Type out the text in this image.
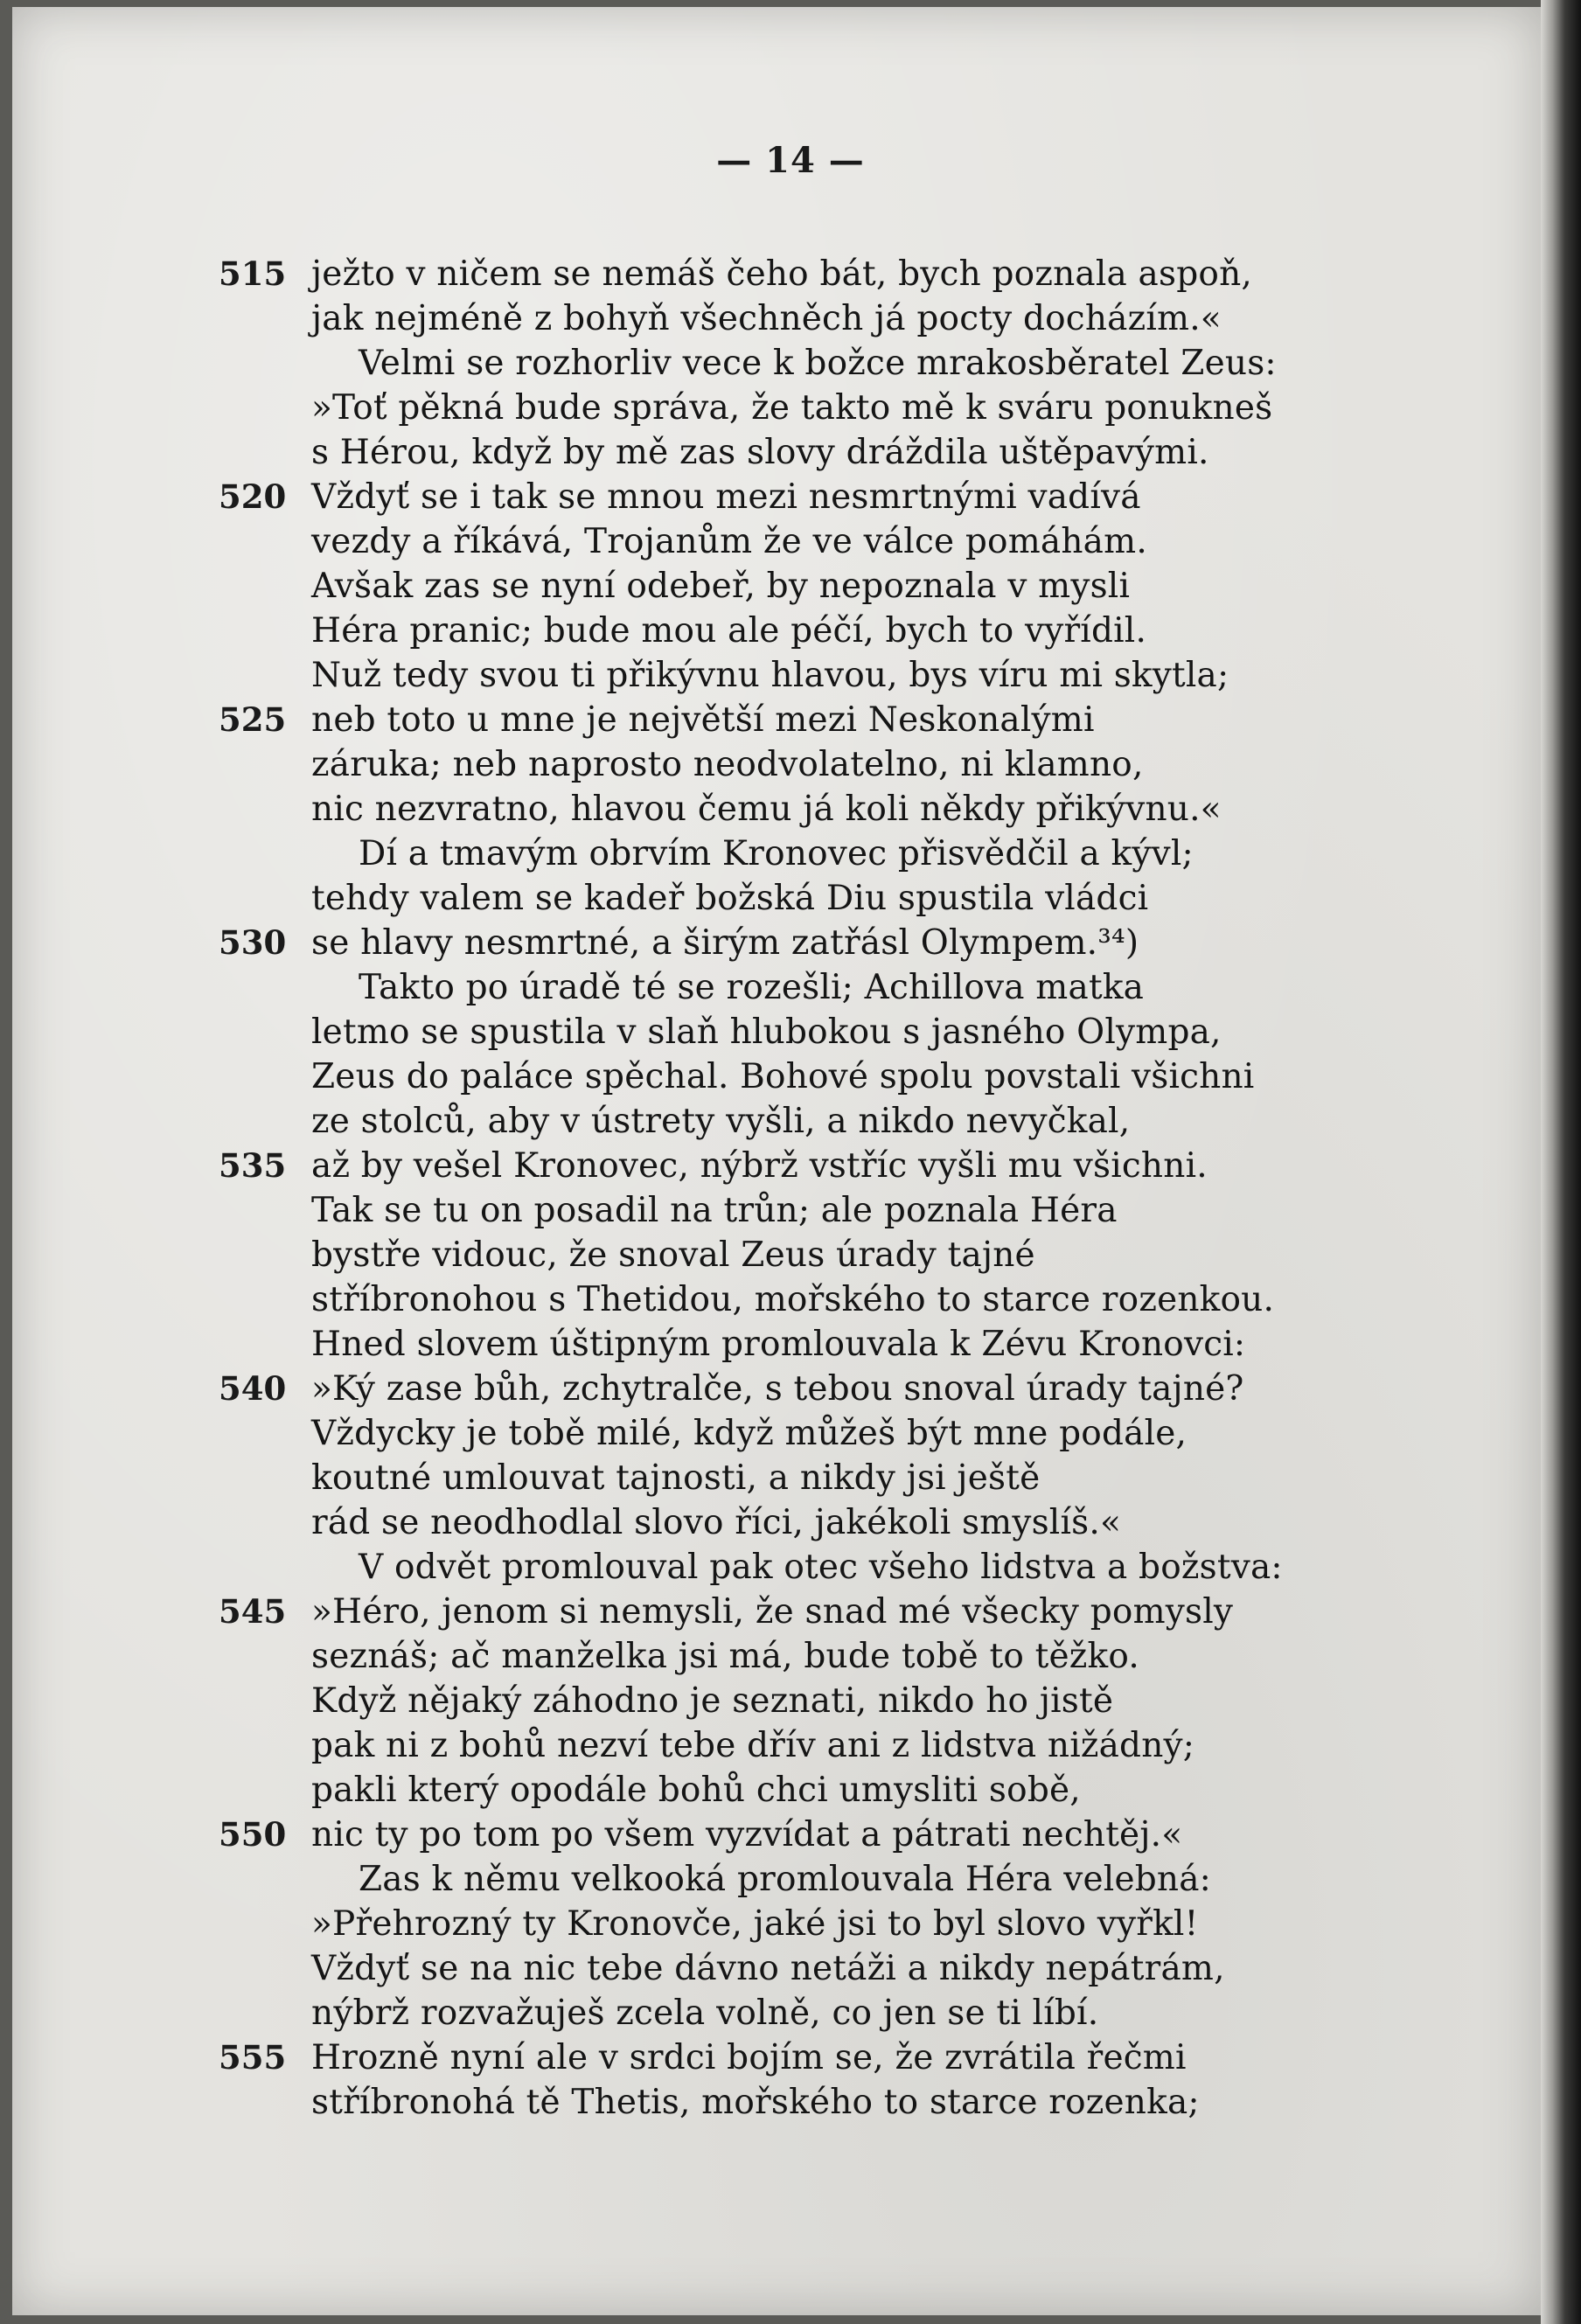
— 14 —
515 ježto v ničem se nemáš čeho bát, bych poznala aspoň,
jak nejméně z bohyň všechněch já pocty docházím.«
Velmi se rozhorliv vece k božce mrakosběratel Zeus:
»Toť pěkná bude správa, že takto mě k sváru ponukneš
s Hérou, když by mě zas slovy dráždila uštěpavými.
520 Vždyť se i tak se mnou mezi nesmrtnými vadívá
vezdy a říkává, Trojanům že ve válce pomáhám.
Avšak zas se nyní odebeř, by nepoznala v mysli
Héra pranic; bude mou ale péčí, bych to vyřídil.
Nuž tedy svou ti přikývnu hlavou, bys víru mi skytla;
525 neb toto u mne je největší mezi Neskonalými
záruka; neb naprosto neodvolatelno, ni klamno,
nic nezvratno, hlavou čemu já koli někdy přikývnu.«
Dí a tmavým obrvím Kronovec přisvědčil a kývl;
tehdy valem se kadeř božská Diu spustila vládci
530 se hlavy nesmrtné, a širým zatřásl Olympem.³⁴)
Takto po úradě té se rozešli; Achillova matka
letmo se spustila v slaň hlubokou s jasného Olympa,
Zeus do paláce spěchal. Bohové spolu povstali všichni
ze stolců, aby v ústrety vyšli, a nikdo nevyčkal,
535 až by vešel Kronovec, nýbrž vstříc vyšli mu všichni.
Tak se tu on posadil na trůn; ale poznala Héra
bystře vidouc, že snoval Zeus úrady tajné
stříbronohou s Thetidou, mořského to starce rozenkou.
Hned slovem úštipným promlouvala k Zévu Kronovci:
540 »Ký zase bůh, zchytralče, s tebou snoval úrady tajné?
Vždycky je tobě milé, když můžeš být mne podále,
koutné umlouvat tajnosti, a nikdy jsi ještě
rád se neodhodlal slovo říci, jakékoli smyslíš.«
V odvět promlouval pak otec všeho lidstva a božstva:
545 »Héro, jenom si nemysli, že snad mé všecky pomysly
seznáš; ač manželka jsi má, bude tobě to těžko.
Když nějaký záhodno je seznati, nikdo ho jistě
pak ni z bohů nezví tebe dřív ani z lidstva nižádný;
pakli který opodále bohů chci umysliti sobě,
550 nic ty po tom po všem vyzvídat a pátrati nechtěj.«
Zas k němu velkooká promlouvala Héra velebná:
»Přehrozný ty Kronovče, jaké jsi to byl slovo vyřkl!
Vždyť se na nic tebe dávno netáži a nikdy nepátrám,
nýbrž rozvažuješ zcela volně, co jen se ti líbí.
555 Hrozně nyní ale v srdci bojím se, že zvrátila řečmi
stříbronohá tě Thetis, mořského to starce rozenka;
